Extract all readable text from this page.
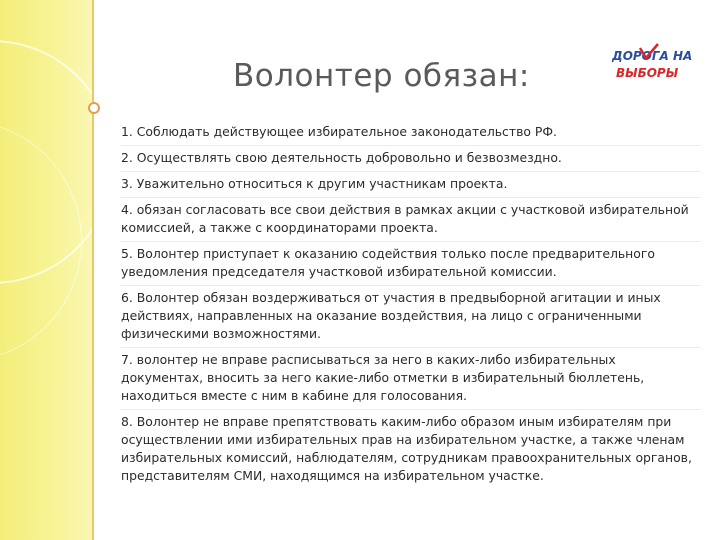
Волонтер обязан:
ДОРОГА НА
ВЫБОРЫ
1. Соблюдать действующее избирательное законодательство РФ.
2. Осуществлять свою деятельность добровольно и безвозмездно.
3. Уважительно относиться к другим участникам проекта.
4. обязан согласовать все свои действия в рамках акции с участковой избирательной комиссией, а также с координаторами проекта.
5. Волонтер приступает к оказанию содействия только после предварительного уведомления председателя участковой избирательной комиссии.
6. Волонтер обязан воздерживаться от участия в предвыборной агитации и иных действиях, направленных на оказание воздействия, на лицо с ограниченными физическими возможностями.
7. волонтер не вправе расписываться за него в каких-либо избирательных документах, вносить за него какие-либо отметки в избирательный бюллетень, находиться вместе с ним в кабине для голосования.
8. Волонтер не вправе препятствовать каким-либо образом иным избирателям при осуществлении ими избирательных прав на избирательном участке, а также членам избирательных комиссий, наблюдателям, сотрудникам правоохранительных органов, представителям СМИ, находящимся на избирательном участке.
